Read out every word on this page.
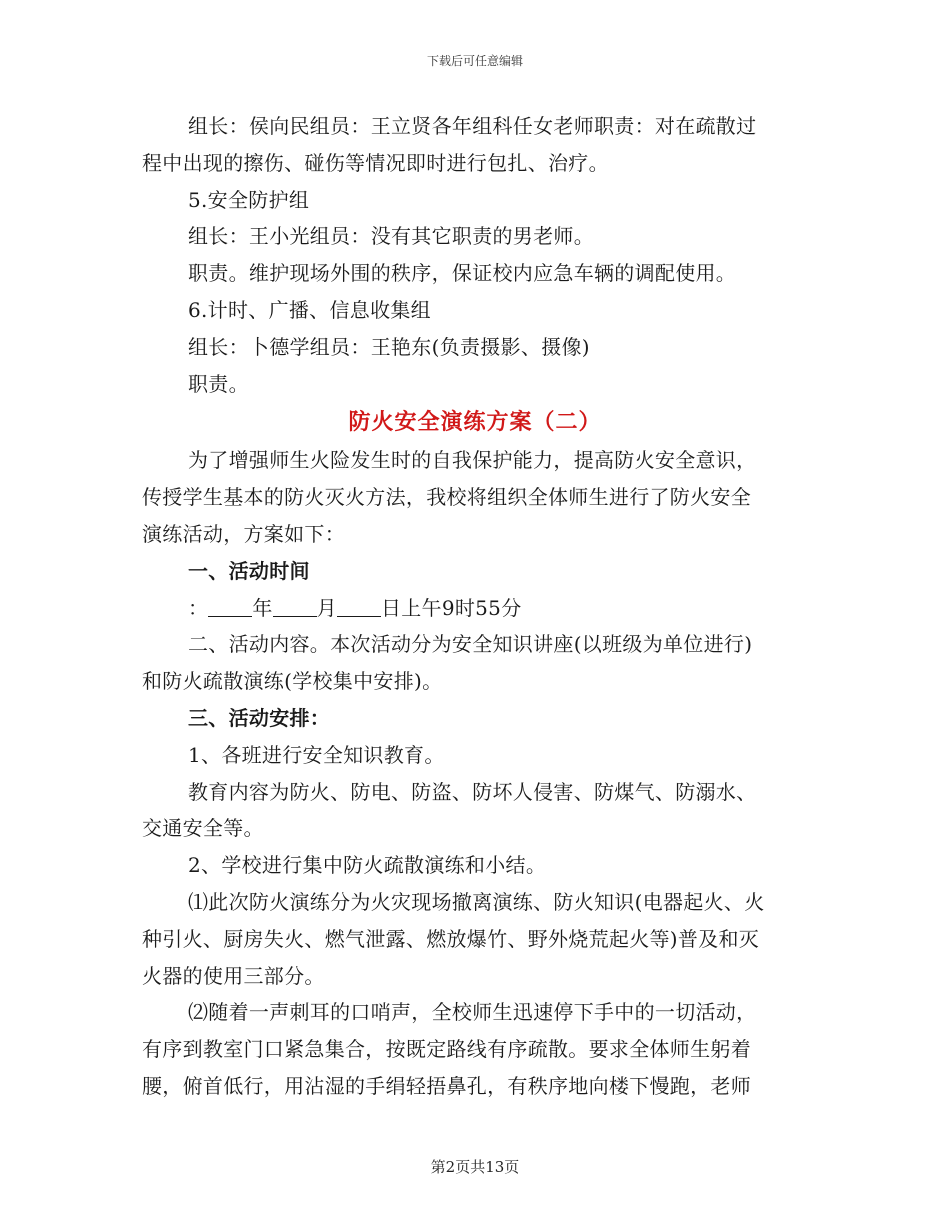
下载后可任意编辑
组长：侯向民组员：王立贤各年组科任女老师职责：对在疏散过
程中出现的擦伤、碰伤等情况即时进行包扎、治疗。
5.安全防护组
组长：王小光组员：没有其它职责的男老师。
职责。维护现场外围的秩序，保证校内应急车辆的调配使用。
6.计时、广播、信息收集组
组长：卜德学组员：王艳东(负责摄影、摄像)
职责。
防火安全演练方案（二）
为了增强师生火险发生时的自我保护能力，提高防火安全意识，
传授学生基本的防火灭火方法，我校将组织全体师生进行了防火安全
演练活动，方案如下：
一、活动时间
： 年 月 日上午9时55分
二、活动内容。本次活动分为安全知识讲座(以班级为单位进行)
和防火疏散演练(学校集中安排)。
三、活动安排：
1、各班进行安全知识教育。
教育内容为防火、防电、防盗、防坏人侵害、防煤气、防溺水、
交通安全等。
2、学校进行集中防火疏散演练和小结。
⑴此次防火演练分为火灾现场撤离演练、防火知识(电器起火、火
种引火、厨房失火、燃气泄露、燃放爆竹、野外烧荒起火等)普及和灭
火器的使用三部分。
⑵随着一声刺耳的口哨声，全校师生迅速停下手中的一切活动，
有序到教室门口紧急集合，按既定路线有序疏散。要求全体师生躬着
腰，俯首低行，用沾湿的手绢轻捂鼻孔，有秩序地向楼下慢跑，老师
第2页共13页
